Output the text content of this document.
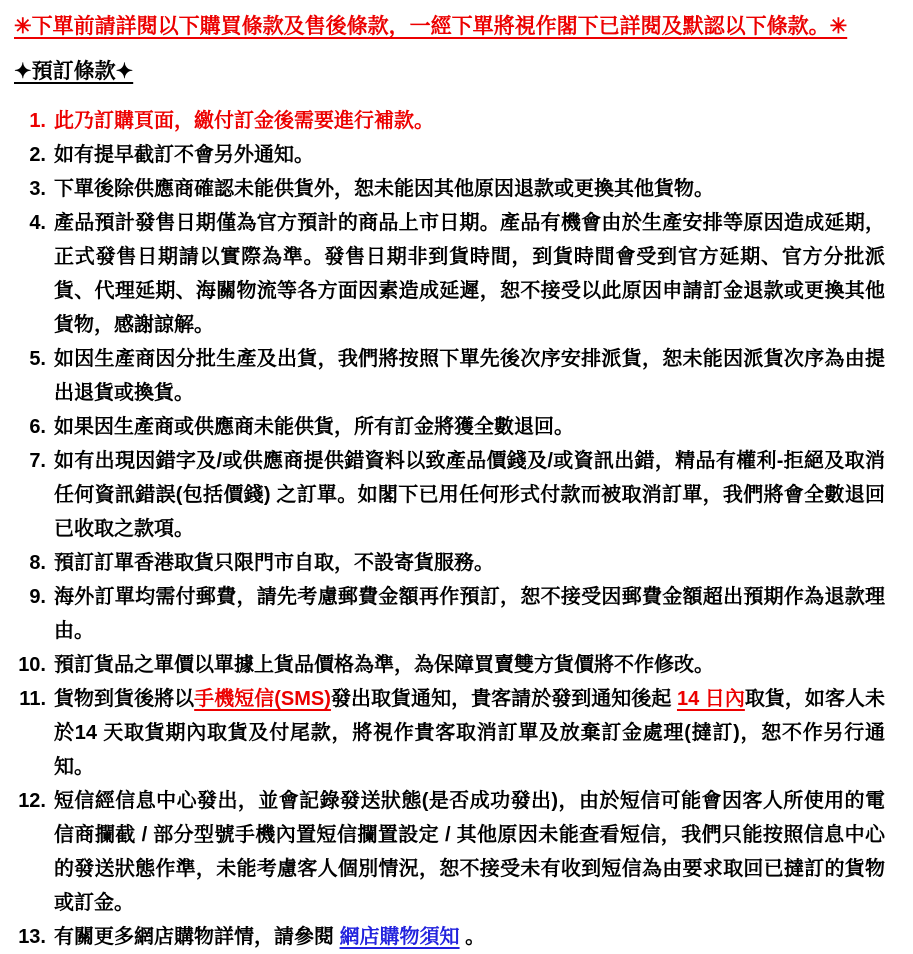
✳下單前請詳閱以下購買條款及售後條款，一經下單將視作閣下已詳閱及默認以下條款。✳
✦預訂條款✦
1. 此乃訂購頁面，繳付訂金後需要進行補款。
2. 如有提早截訂不會另外通知。
3. 下單後除供應商確認未能供貨外，恕未能因其他原因退款或更換其他貨物。
4. 產品預計發售日期僅為官方預計的商品上市日期。產品有機會由於生產安排等原因造成延期，正式發售日期請以實際為準。發售日期非到貨時間，到貨時間會受到官方延期、官方分批派貨、代理延期、海關物流等各方面因素造成延遲，恕不接受以此原因申請訂金退款或更換其他貨物，感謝諒解。
5. 如因生產商因分批生產及出貨，我們將按照下單先後次序安排派貨，恕未能因派貨次序為由提出退貨或換貨。
6. 如果因生產商或供應商未能供貨，所有訂金將獲全數退回。
7. 如有出現因錯字及/或供應商提供錯資料以致產品價錢及/或資訊出錯，精品有權利-拒絕及取消任何資訊錯誤(包括價錢) 之訂單。如閣下已用任何形式付款而被取消訂單，我們將會全數退回已收取之款項。
8. 預訂訂單香港取貨只限門市自取，不設寄貨服務。
9. 海外訂單均需付郵費，請先考慮郵費金額再作預訂，恕不接受因郵費金額超出預期作為退款理由。
10. 預訂貨品之單價以單據上貨品價格為準，為保障買賣雙方貨價將不作修改。
11. 貨物到貨後將以手機短信(SMS)發出取貨通知，貴客請於發到通知後起 14 日內取貨，如客人未於14 天取貨期內取貨及付尾款，將視作貴客取消訂單及放棄訂金處理(撻訂)，恕不作另行通知。
12. 短信經信息中心發出，並會記錄發送狀態(是否成功發出)，由於短信可能會因客人所使用的電信商攔截 / 部分型號手機內置短信攔置設定 / 其他原因未能查看短信，我們只能按照信息中心的發送狀態作準，未能考慮客人個別情況，恕不接受未有收到短信為由要求取回已撻訂的貨物或訂金。
13. 有關更多網店購物詳情，請參閱 網店購物須知 。
